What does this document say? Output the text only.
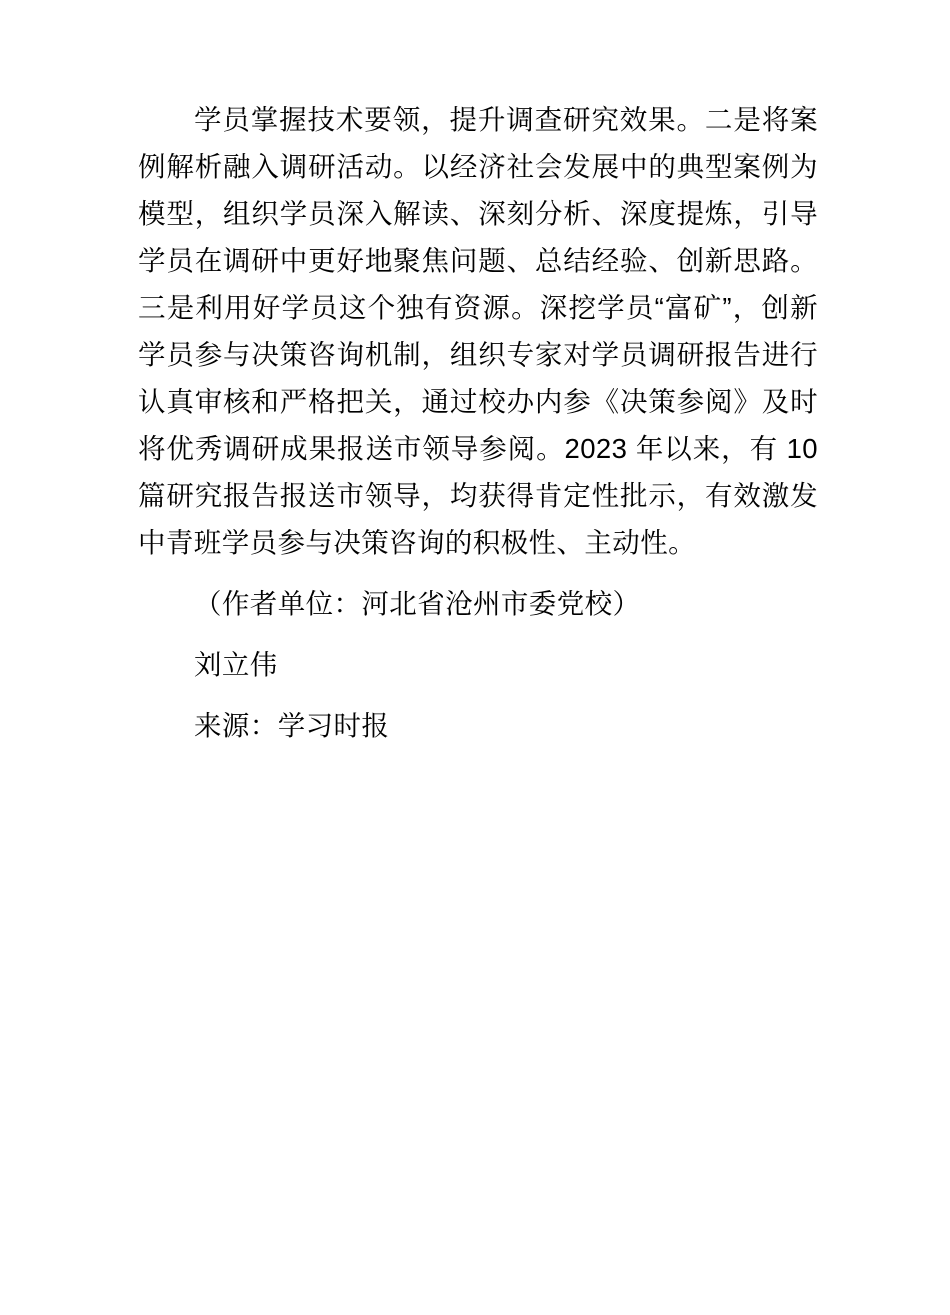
学员掌握技术要领，提升调查研究效果。二是将案例解析融入调研活动。以经济社会发展中的典型案例为模型，组织学员深入解读、深刻分析、深度提炼，引导学员在调研中更好地聚焦问题、总结经验、创新思路。三是利用好学员这个独有资源。深挖学员“富矿”，创新学员参与决策咨询机制，组织专家对学员调研报告进行认真审核和严格把关，通过校办内参《决策参阅》及时将优秀调研成果报送市领导参阅。2023 年以来，有 10 篇研究报告报送市领导，均获得肯定性批示，有效激发中青班学员参与决策咨询的积极性、主动性。

（作者单位：河北省沧州市委党校）

刘立伟

来源：学习时报
